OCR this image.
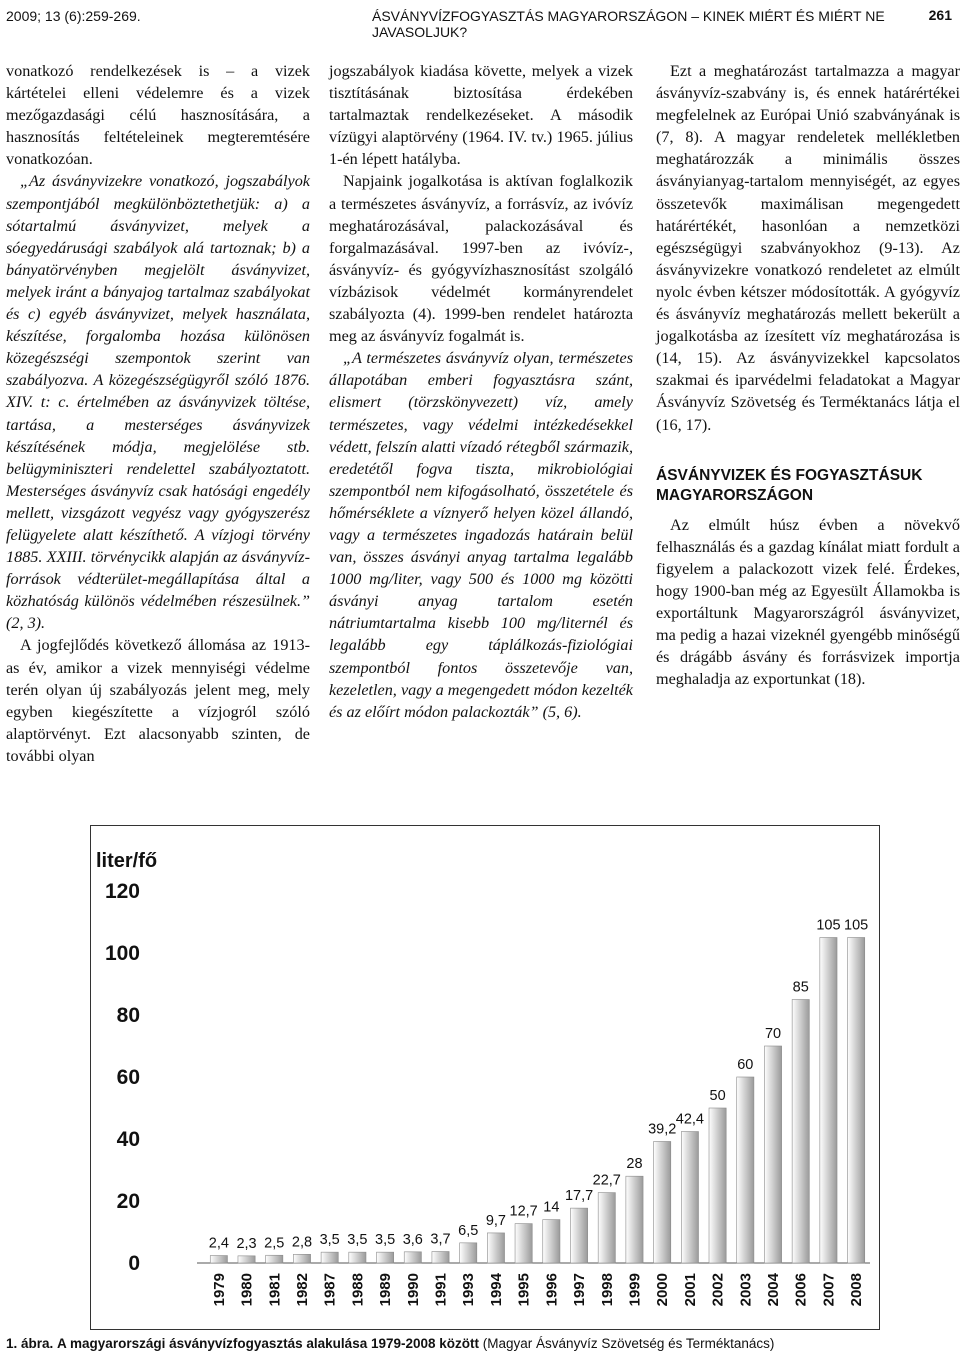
2009; 13 (6):259-269.	ÁSVÁNYVÍZFOGYASZTÁS MAGYARORSZÁGON – KINEK MIÉRT ÉS MIÉRT NE JAVASOLJUK?
261

vonatkozó rendelkezések is – a vizek kártételei elleni védelemre és a vizek mezőgazdasági célú hasznosítására, a hasznosítás feltételeinek megteremtésére vonatkozóan.

„Az ásványvizekre vonatkozó, jogszabályok szempontjából megkülönböztethetjük: a) a sótartalmú ásványvizet, melyek a sóegyedárusági szabályok alá tartoznak; b) a bányatörvényben megjelölt ásványvizet, melyek iránt a bányajog tartalmaz szabályokat és c) egyéb ásványvizet, melyek használata, készítése, forgalomba hozása különösen közegészségi szempontok szerint van szabályozva. A közegészségügyről szóló 1876. XIV. t: c. értelmében az ásványvizek töltése, tartása, a mesterséges ásványvizek készítésének módja, megjelölése stb. belügyminiszteri rendelettel szabályoztatott. Mesterséges ásványvíz csak hatósági engedély mellett, vizsgázott vegyész vagy gyógyszerész felügyelete alatt készíthető. A vízjogi törvény 1885. XXIII. törvénycikk alapján az ásványvíz-források védterület-megállapítása által a közhatóság különös védelmében részesülnek.” (2, 3).

A jogfejlődés következő állomása az 1913-as év, amikor a vizek mennyiségi védelme terén olyan új szabályozás jelent meg, mely egyben kiegészítette a vízjogról szóló alaptörvényt. Ezt alacsonyabb szinten, de további olyan

jogszabályok kiadása követte, melyek a vizek tisztításának biztosítása érdekében tartalmaztak rendelkezéseket. A második vízügyi alaptörvény (1964. IV. tv.) 1965. július 1-én lépett hatályba.

Napjaink jogalkotása is aktívan foglalkozik a természetes ásványvíz, a forrásvíz, az ivóvíz meghatározásával, palackozásával és forgalmazásával. 1997-ben az ivóvíz-, ásványvíz- és gyógyvízhasznosítást szolgáló vízbázisok védelmét kormányrendelet szabályozta (4). 1999-ben rendelet határozta meg az ásványvíz fogalmát is.

„A természetes ásványvíz olyan, természetes állapotában emberi fogyasztásra szánt, elismert (törzskönyvezett) víz, amely természetes, vagy védelmi intézkedésekkel védett, felszín alatti vízadó rétegből származik, eredetétől fogva tiszta, mikrobiológiai szempontból nem kifogásolható, összetétele és hőmérséklete a víznyerő helyen közel állandó, vagy a természetes ingadozás határain belül van, összes ásványi anyag tartalma legalább 1000 mg/liter, vagy 500 és 1000 mg közötti ásványi anyag tartalom esetén nátriumtartalma kisebb 100 mg/liternél és legalább egy táplálkozás-fiziológiai szempontból fontos összetevője van, kezeletlen, vagy a megengedett módon kezelték és az előírt módon palackozták” (5, 6).

Ezt a meghatározást tartalmazza a magyar ásványvíz-szabvány is, és ennek határértékei megfelelnek az Európai Unió szabványának is (7, 8). A magyar rendeletek mellékletben meghatározzák a minimális összes ásványianyag-tartalom mennyiségét, az egyes összetevők maximálisan megengedett határértékét, hasonlóan a nemzetközi egészségügyi szabványokhoz (9-13). Az ásványvizekre vonatkozó rendeletet az elmúlt nyolc évben kétszer módosították. A gyógyvíz és ásványvíz meghatározás mellett bekerült a jogalkotásba az ízesített víz meghatározása is (14, 15). Az ásványvizekkel kapcsolatos szakmai és iparvédelmi feladatokat a Magyar Ásványvíz Szövetség és Terméktanács látja el (16, 17).

ÁSVÁNYVIZEK ÉS FOGYASZTÁSUK MAGYARORSZÁGON

Az elmúlt húsz évben a növekvő felhasználás és a gazdag kínálat miatt fordult a figyelem a palackozott vizek felé. Érdekes, hogy 1900-ban még az Egyesült Államokba is exportáltunk Magyarországról ásványvizet, ma pedig a hazai vizeknél gyengébb minőségű és drágább ásvány és forrásvizek importja meghaladja az exportunkat (18).

liter/fő
0
20
40
60
80
100
120
2,4
1979
2,3
1980
2,5
1981
2,8
1982
3,5
1987
3,5
1988
3,5
1989
3,6
1990
3,7
1991
6,5
1993
9,7
1994
12,7
1995
14
1996
17,7
1997
22,7
1998
28
1999
39,2
2000
42,4
2001
50
2002
60
2003
70
2004
85
2006
105
2007
105
2008
1. ábra. A magyarországi ásványvízfogyasztás alakulása 1979-2008 között (Magyar Ásványvíz Szövetség és Terméktanács)
